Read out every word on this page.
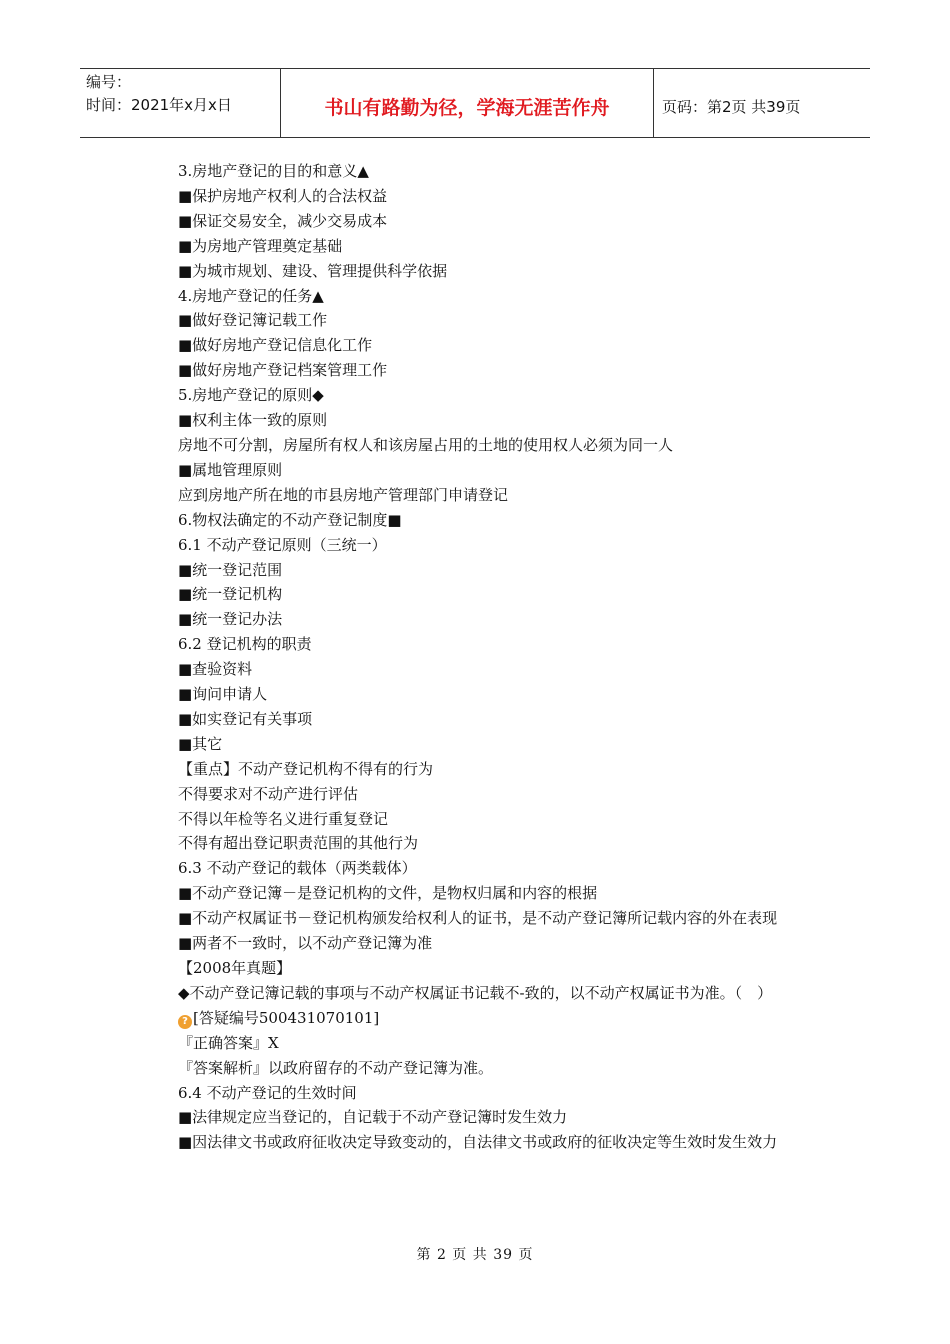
编号：
时间：2021年x月x日	书山有路勤为径，学海无涯苦作舟	页码：第2页 共39页
3.房地产登记的目的和意义▲
■保护房地产权利人的合法权益
■保证交易安全，减少交易成本
■为房地产管理奠定基础
■为城市规划、建设、管理提供科学依据
4.房地产登记的任务▲
■做好登记簿记载工作
■做好房地产登记信息化工作
■做好房地产登记档案管理工作
5.房地产登记的原则◆
■权利主体一致的原则
房地不可分割，房屋所有权人和该房屋占用的土地的使用权人必须为同一人
■属地管理原则
应到房地产所在地的市县房地产管理部门申请登记
6.物权法确定的不动产登记制度■
6.1 不动产登记原则（三统一）
■统一登记范围
■统一登记机构
■统一登记办法
6.2 登记机构的职责
■查验资料
■询问申请人
■如实登记有关事项
■其它
【重点】不动产登记机构不得有的行为
不得要求对不动产进行评估
不得以年检等名义进行重复登记
不得有超出登记职责范围的其他行为
6.3 不动产登记的载体（两类载体）
■不动产登记簿－是登记机构的文件，是物权归属和内容的根据
■不动产权属证书－登记机构颁发给权利人的证书，是不动产登记簿所记载内容的外在表现
■两者不一致时，以不动产登记簿为准
【2008年真题】
◆不动产登记簿记载的事项与不动产权属证书记载不-致的，以不动产权属证书为准。（　）
? [答疑编号500431070101]
『正确答案』X
『答案解析』以政府留存的不动产登记簿为准。
6.4 不动产登记的生效时间
■法律规定应当登记的，自记载于不动产登记簿时发生效力
■因法律文书或政府征收决定导致变动的，自法律文书或政府的征收决定等生效时发生效力
第 2 页 共 39 页
